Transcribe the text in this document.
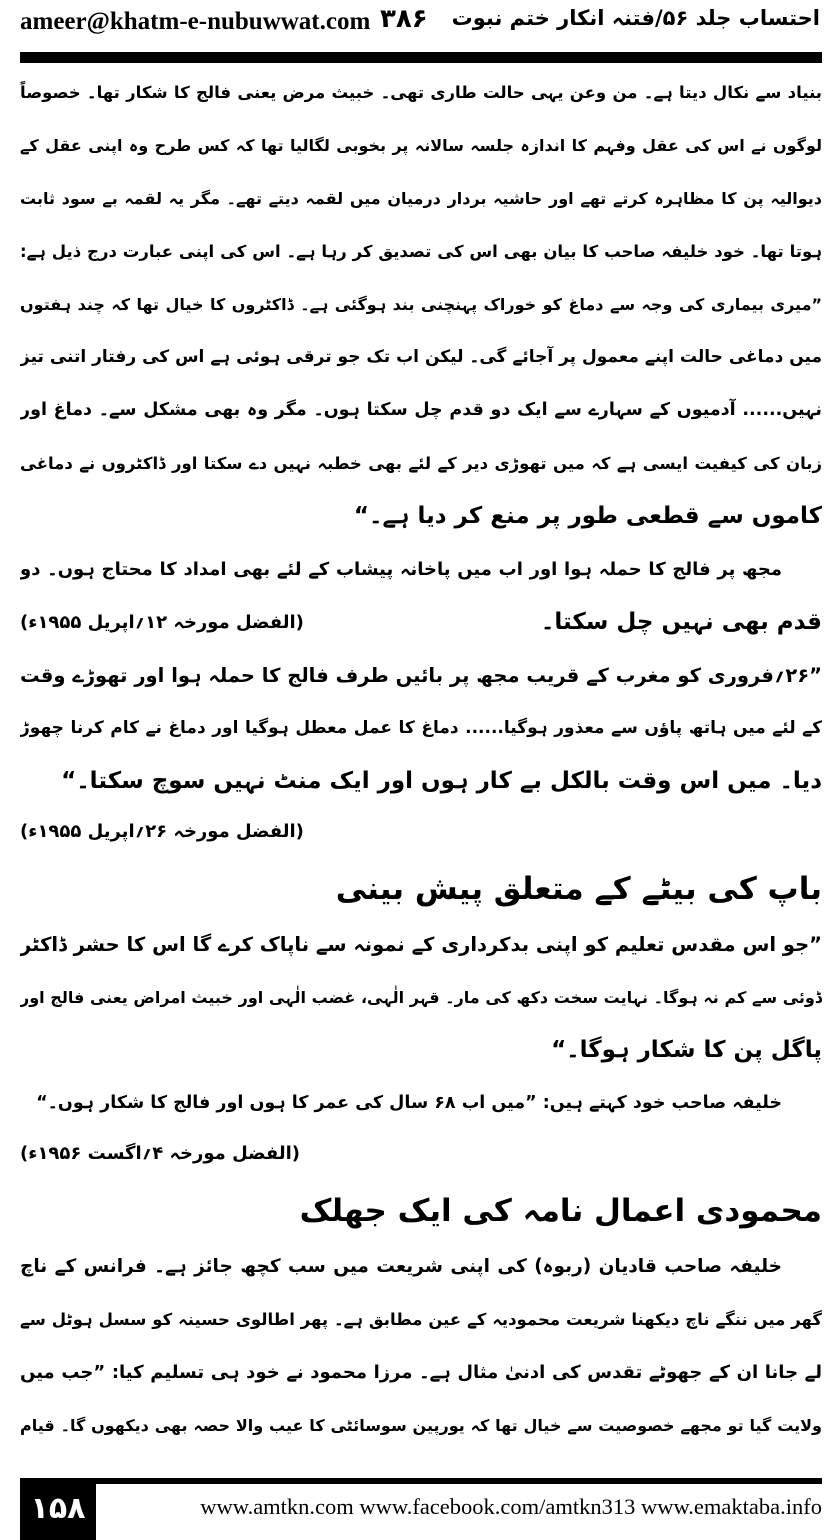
ameer@khatm-e-nubuwwat.com ۳۸۶ احتساب جلد ۵۶/فتنہ انکار ختم نبوت
بنیاد سے نکال دیتا ہے۔ من وعن یہی حالت طاری تھی۔ خبیث مرض یعنی فالج کا شکار تھا۔ خصوصاً
لوگوں نے اس کی عقل وفہم کا اندازہ جلسہ سالانہ پر بخوبی لگالیا تھا کہ کس طرح وہ اپنی عقل کے
دیوالیہ پن کا مظاہرہ کرتے تھے اور حاشیہ بردار درمیان میں لقمہ دیتے تھے۔ مگر یہ لقمہ بے سود ثابت
ہوتا تھا۔ خود خلیفہ صاحب کا بیان بھی اس کی تصدیق کر رہا ہے۔ اس کی اپنی عبارت درج ذیل ہے:
”میری بیماری کی وجہ سے دماغ کو خوراک پہنچنی بند ہوگئی ہے۔ ڈاکٹروں کا خیال تھا کہ چند ہفتوں
میں دماغی حالت اپنے معمول پر آجائے گی۔ لیکن اب تک جو ترقی ہوئی ہے اس کی رفتار اتنی تیز
نہیں...... آدمیوں کے سہارے سے ایک دو قدم چل سکتا ہوں۔ مگر وہ بھی مشکل سے۔ دماغ اور
زبان کی کیفیت ایسی ہے کہ میں تھوڑی دیر کے لئے بھی خطبہ نہیں دے سکتا اور ڈاکٹروں نے دماغی
کاموں سے قطعی طور پر منع کر دیا ہے۔“
مجھ پر فالج کا حملہ ہوا اور اب میں پاخانہ پیشاب کے لئے بھی امداد کا محتاج ہوں۔ دو
قدم بھی نہیں چل سکتا۔
(الفضل مورخہ ۱۲؍اپریل ۱۹۵۵ء)
”۲۶؍فروری کو مغرب کے قریب مجھ پر بائیں طرف فالج کا حملہ ہوا اور تھوڑے وقت
کے لئے میں ہاتھ پاؤں سے معذور ہوگیا...... دماغ کا عمل معطل ہوگیا اور دماغ نے کام کرنا چھوڑ
دیا۔ میں اس وقت بالکل بے کار ہوں اور ایک منٹ نہیں سوچ سکتا۔“
(الفضل مورخہ ۲۶؍اپریل ۱۹۵۵ء)
باپ کی بیٹے کے متعلق پیش بینی
”جو اس مقدس تعلیم کو اپنی بدکرداری کے نمونہ سے ناپاک کرے گا اس کا حشر ڈاکٹر
ڈوئی سے کم نہ ہوگا۔ نہایت سخت دکھ کی مار۔ قہر الٰہی، غضب الٰہی اور خبیث امراض یعنی فالج اور
پاگل پن کا شکار ہوگا۔“
خلیفہ صاحب خود کہتے ہیں: ”میں اب ۶۸ سال کی عمر کا ہوں اور فالج کا شکار ہوں۔“
(الفضل مورخہ ۴؍اگست ۱۹۵۶ء)
محمودی اعمال نامہ کی ایک جھلک
خلیفہ صاحب قادیان (ربوہ) کی اپنی شریعت میں سب کچھ جائز ہے۔ فرانس کے ناچ
گھر میں ننگے ناچ دیکھنا شریعت محمودیہ کے عین مطابق ہے۔ پھر اطالوی حسینہ کو سسل ہوٹل سے
لے جانا ان کے جھوٹے تقدس کی ادنیٰ مثال ہے۔ مرزا محمود نے خود ہی تسلیم کیا: ”جب میں
ولایت گیا تو مجھے خصوصیت سے خیال تھا کہ یورپین سوسائٹی کا عیب والا حصہ بھی دیکھوں گا۔ قیام
۱۵۸	www.amtkn.com www.facebook.com/amtkn313 www.emaktaba.info
